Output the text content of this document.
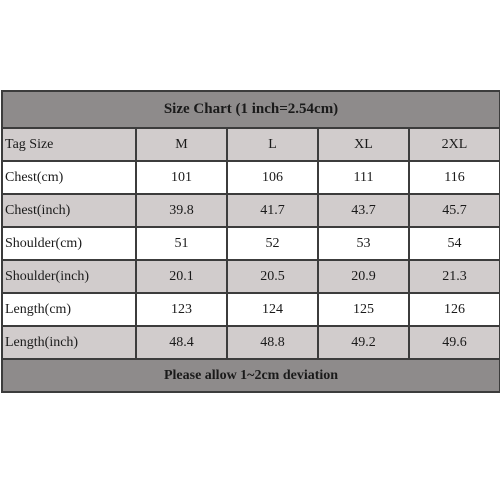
Size Chart (1 inch=2.54cm)				
Tag Size	M	L	XL	2XL
Chest(cm)	101	106	111	116
Chest(inch)	39.8	41.7	43.7	45.7
Shoulder(cm)	51	52	53	54
Shoulder(inch)	20.1	20.5	20.9	21.3
Length(cm)	123	124	125	126
Length(inch)	48.4	48.8	49.2	49.6
Please allow 1~2cm deviation				
